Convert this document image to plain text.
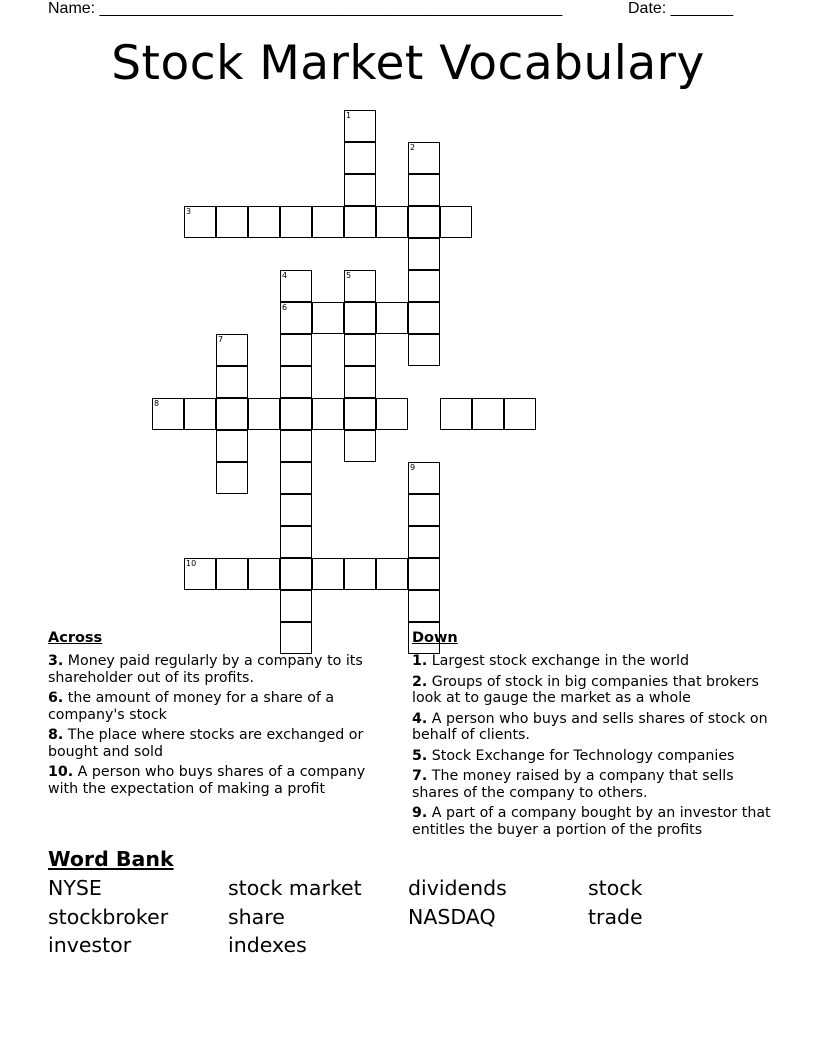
Name: ____________________________________________________	Date: _______
Stock Market Vocabulary
1
2
3
4
6
5
7
8
9
10
Across
3. Money paid regularly by a company to its shareholder out of its profits.
6. the amount of money for a share of a company's stock
8. The place where stocks are exchanged or bought and sold
10. A person who buys shares of a company with the expectation of making a profit
Down
1. Largest stock exchange in the world
2. Groups of stock in big companies that brokers look at to gauge the market as a whole
4. A person who buys and sells shares of stock on behalf of clients.
5. Stock Exchange for Technology companies
7. The money raised by a company that sells shares of the company to others.
9. A part of a company bought by an investor that entitles the buyer a portion of the profits
Word Bank
NYSE	stock market	dividends	stock
stockbroker	share	NASDAQ	trade
investor	indexes
